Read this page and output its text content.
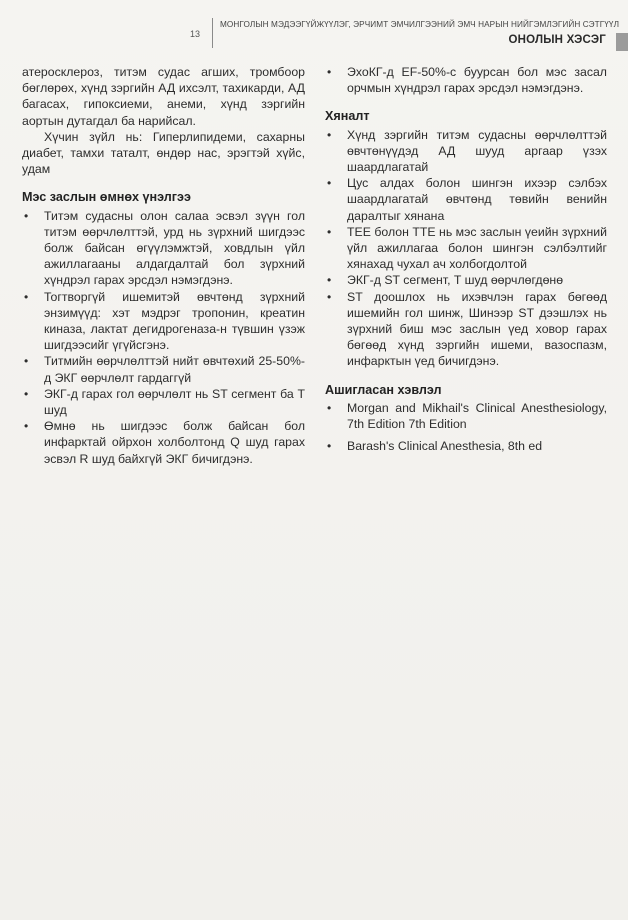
13
МОНГОЛЫН МЭДЭЭГҮЙЖҮҮЛЭГ, ЭРЧИМТ ЭМЧИЛГЭЭНИЙ ЭМЧ НАРЫН НИЙГЭМЛЭГИЙН СЭТГҮҮЛ
ОНОЛЫН ХЭСЭГ

атеросклероз, титэм судас агших, тромбоор бөглөрөх, хүнд зэргийн АД ихсэлт, тахикарди, АД багасах, гипоксиеми, анеми, хүнд зэргийн аортын дутагдал ба нарийсал.

Хүчин зүйл нь: Гиперлипидеми, сахарны диабет, тамхи таталт, өндөр нас, эрэгтэй хүйс, удам

Мэс заслын өмнөх үнэлгээ
• Титэм судасны олон салаа эсвэл зүүн гол титэм өөрчлөлттэй, урд нь зүрхний шигдээс болж байсан өгүүлэмжтэй, ховдлын үйл ажиллагааны алдагдалтай бол зүрхний хүндрэл гарах эрсдэл нэмэгдэнэ.
• Тогтворгүй ишемитэй өвчтөнд зүрхний энзимүүд: хэт мэдрэг тропонин, креатин киназа, лактат дегидрогеназа-н түвшин үзэж шигдээсийг үгүйсгэнэ.
• Титмийн өөрчлөлттэй нийт өвчтөхий 25-50%-д ЭКГ өөрчлөлт гардаггүй
• ЭКГ-д гарах гол өөрчлөлт нь ST сегмент ба T шуд
• Өмнө нь шигдээс болж байсан бол инфарктай ойрхон холболтонд Q шуд гарах эсвэл R шуд байхгүй ЭКГ бичигдэнэ.
• ЭхоКГ-д EF-50%-с буурсан бол мэс засал орчмын хүндрэл гарах эрсдэл нэмэгдэнэ.
Хяналт
• Хүнд зэргийн титэм судасны өөрчлөлттэй өвчтөнүүдэд АД шууд аргаар үзэх шаардлагатай
• Цус алдах болон шингэн ихээр сэлбэх шаардлагатай өвчтөнд төвийн венийн даралтыг хянана
• TEE болон TTE нь мэс заслын үеийн зүрхний үйл ажиллагаа болон шингэн сэлбэлтийг хянахад чухал ач холбогдолтой
• ЭКГ-д ST сегмент, T шуд өөрчлөгдөнө
• ST доошлох нь ихэвчлэн гарах бөгөөд ишемийн гол шинж, Шинээр ST дээшлэх нь зүрхний биш мэс заслын үед ховор гарах бөгөөд хүнд зэргийн ишеми, вазоспазм, инфарктын үед бичигдэнэ.
Ашигласан хэвлэл
• Morgan and Mikhail's Clinical Anesthesiology, 7th Edition 7th Edition
• Barash's Clinical Anesthesia, 8th ed
